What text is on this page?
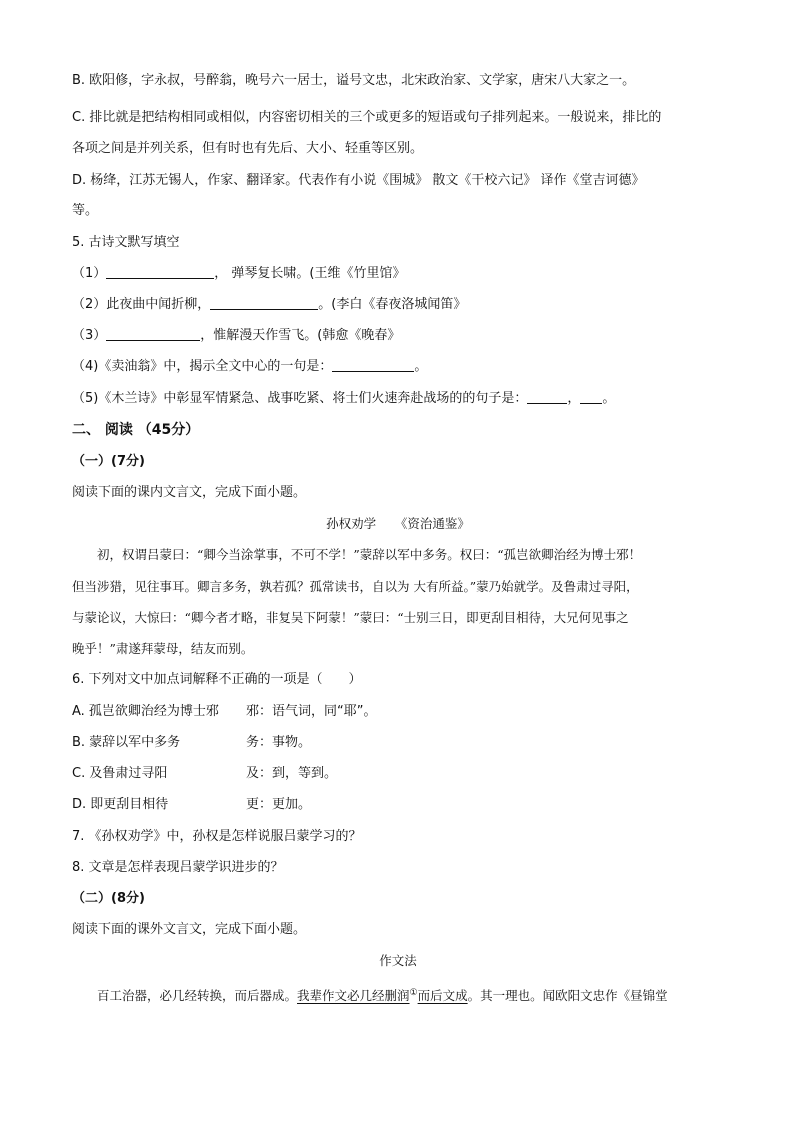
B. 欧阳修，字永叔，号醉翁，晚号六一居士，谥号文忠，北宋政治家、文学家，唐宋八大家之一。
C. 排比就是把结构相同或相似，内容密切相关的三个或更多的短语或句子排列起来。一般说来，排比的
各项之间是并列关系，但有时也有先后、大小、轻重等区别。
D. 杨绛，江苏无锡人，作家、翻译家。代表作有小说《围城》 散文《干校六记》 译作《堂吉诃德》
等。
5. 古诗文默写填空
（1）	， 弹琴复长啸。(王维《竹里馆》
（2）此夜曲中闻折柳，	。(李白《春夜洛城闻笛》
（3）	，惟解漫天作雪飞。(韩愈《晚春》
（4)《卖油翁》中，揭示全文中心的一句是：	。
（5)《木兰诗》中彰显军情紧急、战事吃紧、将士们火速奔赴战场的的句子是：	， 。
二、 阅读 （45分）
（一）(7分)
阅读下面的课内文言文，完成下面小题。
孙权劝学　　《资治通鉴》
　　初，权谓吕蒙曰：“卿今当涂掌事，不可不学！”蒙辞以军中多务。权曰：“孤岂欲卿治经为博士邪！
但当涉猎，见往事耳。卿言多务，孰若孤？孤常读书，自以为 大有所益。”蒙乃始就学。及鲁肃过寻阳，
与蒙论议，大惊曰：“卿今者才略，非复吴下阿蒙！”蒙曰：“士别三日，即更刮目相待，大兄何见事之
晚乎！”肃遂拜蒙母，结友而别。
6. 下列对文中加点词解释不正确的一项是（　　）
A. 孤岂欲卿治经为博士邪 邪：语气词，同“耶”。
B. 蒙辞以军中多务	务：事物。
C. 及鲁肃过寻阳	及：到，等到。
D. 即更刮目相待	更：更加。
7. 《孙权劝学》中，孙权是怎样说服吕蒙学习的？
8. 文章是怎样表现吕蒙学识进步的？
（二）(8分)
阅读下面的课外文言文，完成下面小题。
作文法
　　百工治器，必几经转换，而后器成。我辈作文必几经删润①而后文成。其一理也。闻欧阳文忠作《昼锦堂
